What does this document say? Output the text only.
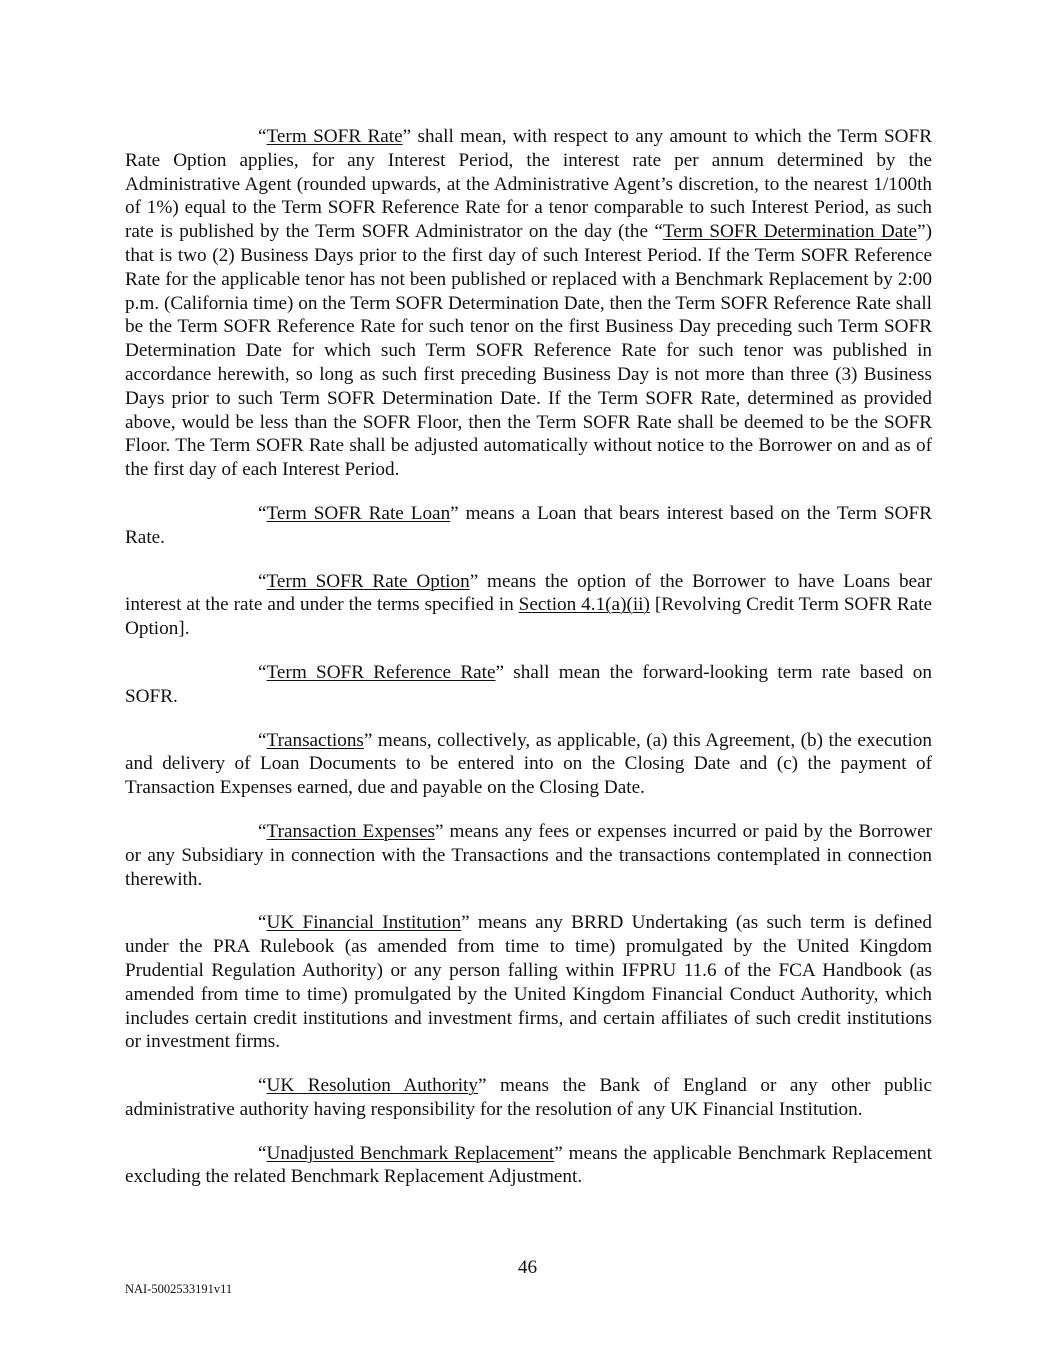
“Term SOFR Rate” shall mean, with respect to any amount to which the Term SOFR Rate Option applies, for any Interest Period, the interest rate per annum determined by the Administrative Agent (rounded upwards, at the Administrative Agent’s discretion, to the nearest 1/100th of 1%) equal to the Term SOFR Reference Rate for a tenor comparable to such Interest Period, as such rate is published by the Term SOFR Administrator on the day (the “Term SOFR Determination Date”) that is two (2) Business Days prior to the first day of such Interest Period. If the Term SOFR Reference Rate for the applicable tenor has not been published or replaced with a Benchmark Replacement by 2:00 p.m. (California time) on the Term SOFR Determination Date, then the Term SOFR Reference Rate shall be the Term SOFR Reference Rate for such tenor on the first Business Day preceding such Term SOFR Determination Date for which such Term SOFR Reference Rate for such tenor was published in accordance herewith, so long as such first preceding Business Day is not more than three (3) Business Days prior to such Term SOFR Determination Date. If the Term SOFR Rate, determined as provided above, would be less than the SOFR Floor, then the Term SOFR Rate shall be deemed to be the SOFR Floor. The Term SOFR Rate shall be adjusted automatically without notice to the Borrower on and as of the first day of each Interest Period.

“Term SOFR Rate Loan” means a Loan that bears interest based on the Term SOFR Rate.

“Term SOFR Rate Option” means the option of the Borrower to have Loans bear interest at the rate and under the terms specified in Section 4.1(a)(ii) [Revolving Credit Term SOFR Rate Option].

“Term SOFR Reference Rate” shall mean the forward-looking term rate based on SOFR.

“Transactions” means, collectively, as applicable, (a) this Agreement, (b) the execution and delivery of Loan Documents to be entered into on the Closing Date and (c) the payment of Transaction Expenses earned, due and payable on the Closing Date.

“Transaction Expenses” means any fees or expenses incurred or paid by the Borrower or any Subsidiary in connection with the Transactions and the transactions contemplated in connection therewith.

“UK Financial Institution” means any BRRD Undertaking (as such term is defined under the PRA Rulebook (as amended from time to time) promulgated by the United Kingdom Prudential Regulation Authority) or any person falling within IFPRU 11.6 of the FCA Handbook (as amended from time to time) promulgated by the United Kingdom Financial Conduct Authority, which includes certain credit institutions and investment firms, and certain affiliates of such credit institutions or investment firms.

“UK Resolution Authority” means the Bank of England or any other public administrative authority having responsibility for the resolution of any UK Financial Institution.

“Unadjusted Benchmark Replacement” means the applicable Benchmark Replacement excluding the related Benchmark Replacement Adjustment.

46
NAI-5002533191v11
